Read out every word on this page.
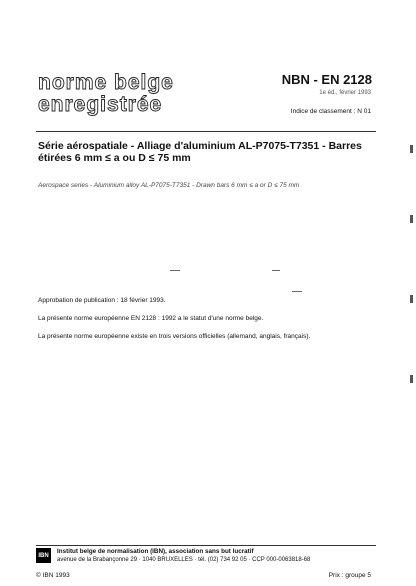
norme belge
enregistrée
NBN - EN 2128
1e éd., février 1993
Indice de classement : N 01
Série aérospatiale - Alliage d'aluminium AL-P7075-T7351 - Barres étirées 6 mm ≤ a ou D ≤ 75 mm
Aerospace series - Aluminium alloy AL-P7075-T7351 - Drawn bars 6 mm ≤ a or D ≤ 75 mm
Approbation de publication : 18 février 1993.
La présente norme européenne EN 2128 : 1992 a le statut d'une norme belge.
La présente norme européenne existe en trois versions officielles (allemand, anglais, français).
IBN
Institut belge de normalisation (IBN), association sans but lucratif
avenue de la Brabançonne 29 · 1040 BRUXELLES · tél. (02) 734 92 05 · CCP 000-0063818-68
© IBN 1993	Prix : groupe 5
